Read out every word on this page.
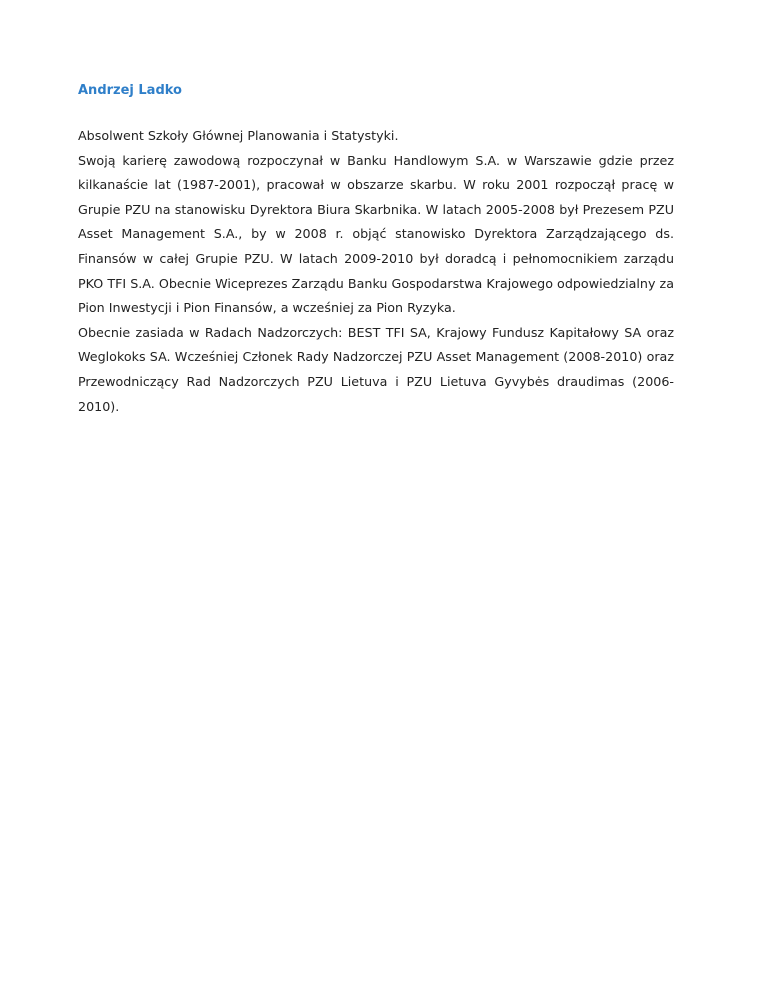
Andrzej Ladko

Absolwent Szkoły Głównej Planowania i Statystyki.

Swoją karierę zawodową rozpoczynał w Banku Handlowym S.A. w Warszawie gdzie przez kilkanaście lat (1987-2001), pracował w obszarze skarbu. W roku 2001 rozpoczął pracę w Grupie PZU na stanowisku Dyrektora Biura Skarbnika. W latach 2005-2008 był Prezesem PZU Asset Management S.A., by w 2008 r. objąć stanowisko Dyrektora Zarządzającego ds. Finansów w całej Grupie PZU. W latach 2009-2010 był doradcą i pełnomocnikiem zarządu PKO TFI S.A. Obecnie Wiceprezes Zarządu Banku Gospodarstwa Krajowego odpowiedzialny za Pion Inwestycji i Pion Finansów, a wcześniej za Pion Ryzyka.

Obecnie zasiada w Radach Nadzorczych: BEST TFI SA, Krajowy Fundusz Kapitałowy SA oraz Weglokoks SA. Wcześniej Członek Rady Nadzorczej PZU Asset Management (2008-2010) oraz Przewodniczący Rad Nadzorczych PZU Lietuva i PZU Lietuva Gyvybės draudimas (2006-2010).
